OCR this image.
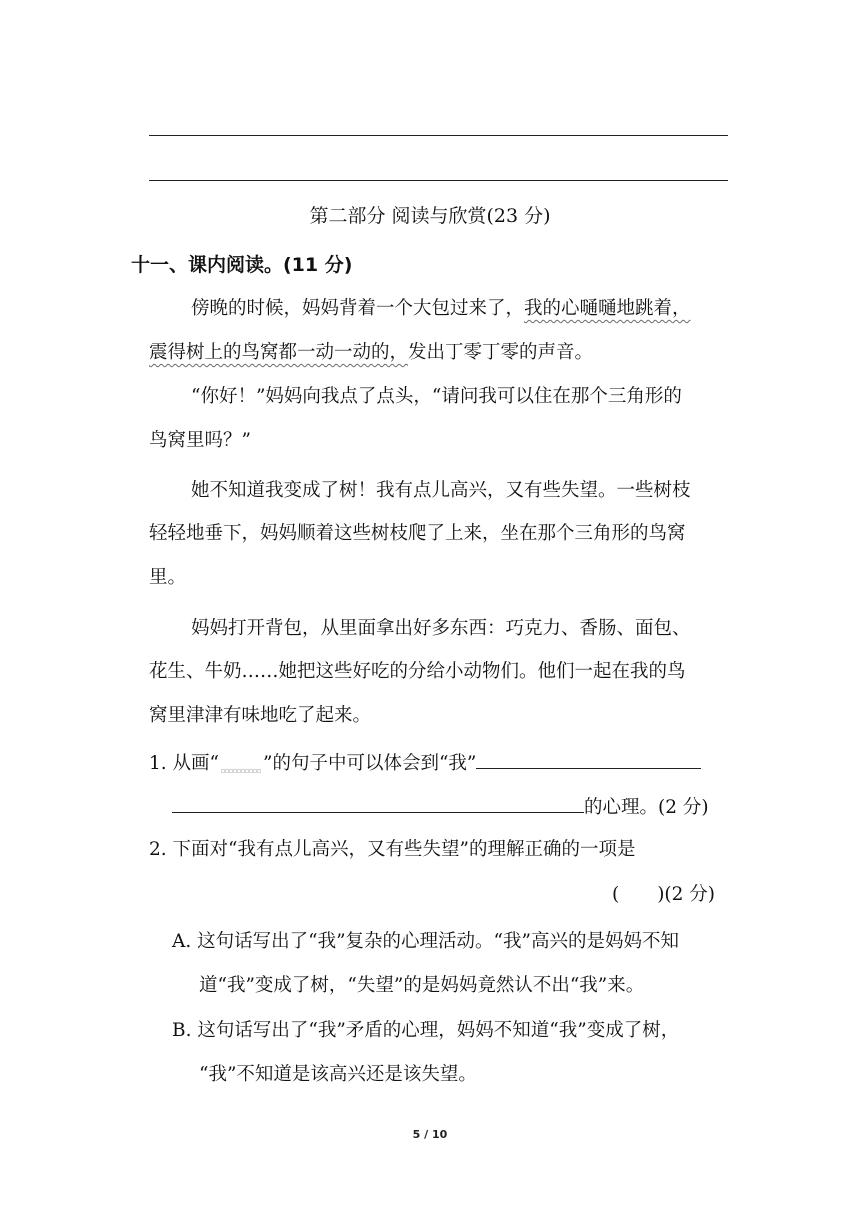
第二部分 阅读与欣赏(23 分)
十一、课内阅读。(11 分)
傍晚的时候，妈妈背着一个大包过来了，我的心嗵嗵地跳着，
震得树上的鸟窝都一动一动的，发出丁零丁零的声音。
“你好！”妈妈向我点了点头，“请问我可以住在那个三角形的
鸟窝里吗？”
她不知道我变成了树！我有点儿高兴，又有些失望。一些树枝
轻轻地垂下，妈妈顺着这些树枝爬了上来，坐在那个三角形的鸟窝
里。
妈妈打开背包，从里面拿出好多东西：巧克力、香肠、面包、
花生、牛奶……她把这些好吃的分给小动物们。他们一起在我的鸟
窝里津津有味地吃了起来。
1. 从画“ ”的句子中可以体会到“我”
的心理。(2 分)
2. 下面对“我有点儿高兴，又有些失望”的理解正确的一项是
( )(2 分)
A. 这句话写出了“我”复杂的心理活动。“我”高兴的是妈妈不知
道“我”变成了树，“失望”的是妈妈竟然认不出“我”来。
B. 这句话写出了“我”矛盾的心理，妈妈不知道“我”变成了树，
“我”不知道是该高兴还是该失望。
5 / 10
